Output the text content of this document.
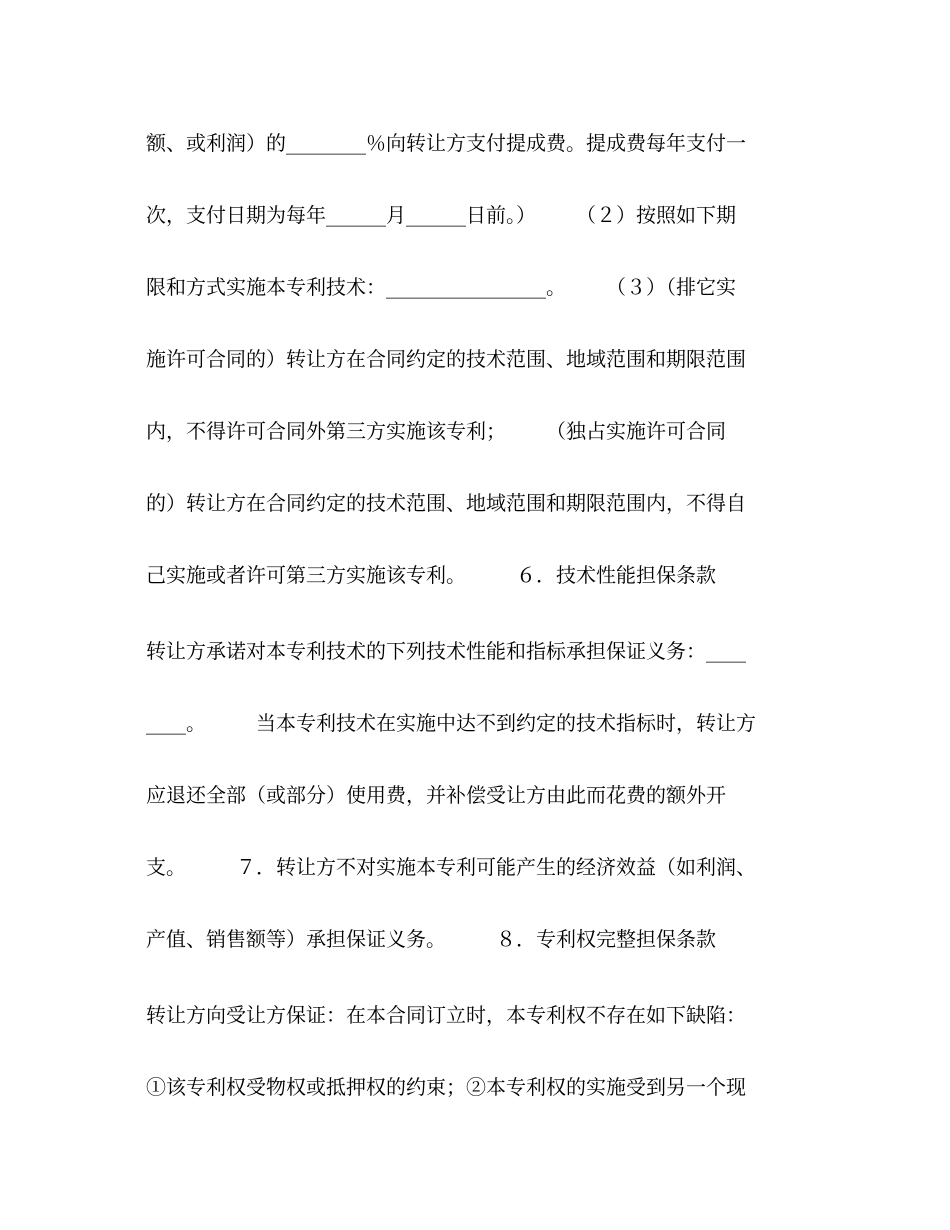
额、或利润）的________％向转让方支付提成费。提成费每年支付一
次，支付日期为每年______月______日前。）　　　（２）按照如下期
限和方式实施本专利技术：________________。　　　（３）（排它实
施许可合同的）转让方在合同约定的技术范围、地域范围和期限范围
内，不得许可合同外第三方实施该专利；　　　（独占实施许可合同
的）转让方在合同约定的技术范围、地域范围和期限范围内，不得自
己实施或者许可第三方实施该专利。　　　６．技术性能担保条款
转让方承诺对本专利技术的下列技术性能和指标承担保证义务：____
____。　　　当本专利技术在实施中达不到约定的技术指标时，转让方
应退还全部（或部分）使用费，并补偿受让方由此而花费的额外开
支。　　　７．转让方不对实施本专利可能产生的经济效益（如利润、
产值、销售额等）承担保证义务。　　　８．专利权完整担保条款
转让方向受让方保证：在本合同订立时，本专利权不存在如下缺陷：
①该专利权受物权或抵押权的约束；②本专利权的实施受到另一个现
